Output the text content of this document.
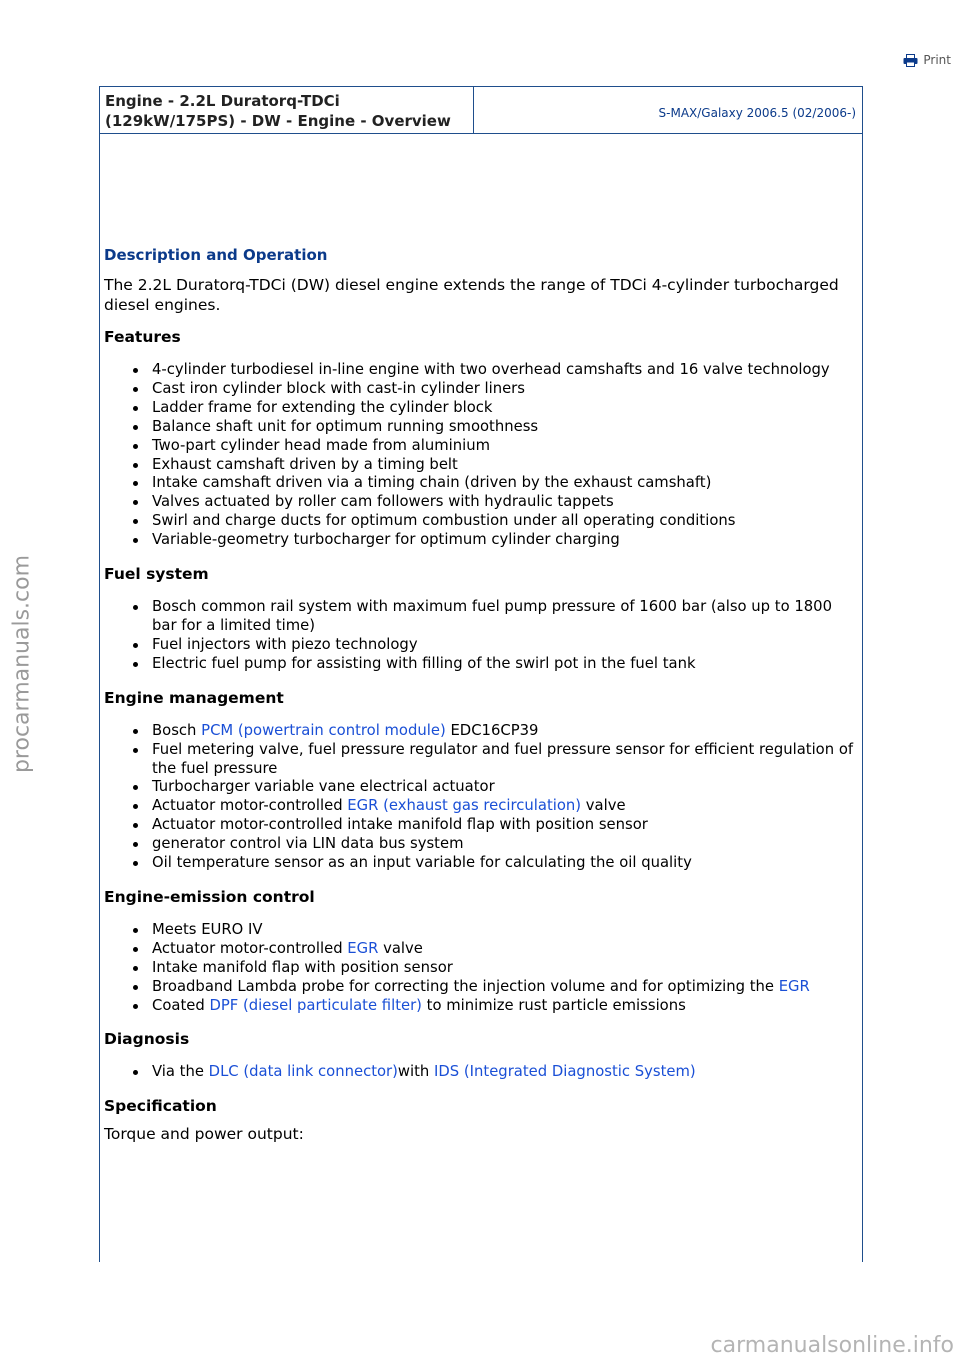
Engine - 2.2L Duratorq-TDCi
(129kW/175PS) - DW - Engine - Overview	S-MAX/Galaxy 2006.5 (02/2006-)
Print
Description and Operation

The 2.2L Duratorq-TDCi (DW) diesel engine extends the range of TDCi 4-cylinder turbocharged diesel engines.

Features
4-cylinder turbodiesel in-line engine with two overhead camshafts and 16 valve technology
Cast iron cylinder block with cast-in cylinder liners
Ladder frame for extending the cylinder block
Balance shaft unit for optimum running smoothness
Two-part cylinder head made from aluminium
Exhaust camshaft driven by a timing belt
Intake camshaft driven via a timing chain (driven by the exhaust camshaft)
Valves actuated by roller cam followers with hydraulic tappets
Swirl and charge ducts for optimum combustion under all operating conditions
Variable-geometry turbocharger for optimum cylinder charging
Fuel system
Bosch common rail system with maximum fuel pump pressure of 1600 bar (also up to 1800 bar for a limited time)
Fuel injectors with piezo technology
Electric fuel pump for assisting with filling of the swirl pot in the fuel tank
Engine management
Bosch PCM (powertrain control module) EDC16CP39
Fuel metering valve, fuel pressure regulator and fuel pressure sensor for efficient regulation of the fuel pressure
Turbocharger variable vane electrical actuator
Actuator motor-controlled EGR (exhaust gas recirculation) valve
Actuator motor-controlled intake manifold flap with position sensor
generator control via LIN data bus system
Oil temperature sensor as an input variable for calculating the oil quality
Engine-emission control
Meets EURO IV
Actuator motor-controlled EGR valve
Intake manifold flap with position sensor
Broadband Lambda probe for correcting the injection volume and for optimizing the EGR
Coated DPF (diesel particulate filter) to minimize rust particle emissions
Diagnosis
Via the DLC (data link connector)with IDS (Integrated Diagnostic System)
Specification

Torque and power output:

procarmanuals.com
carmanualsonline.info
